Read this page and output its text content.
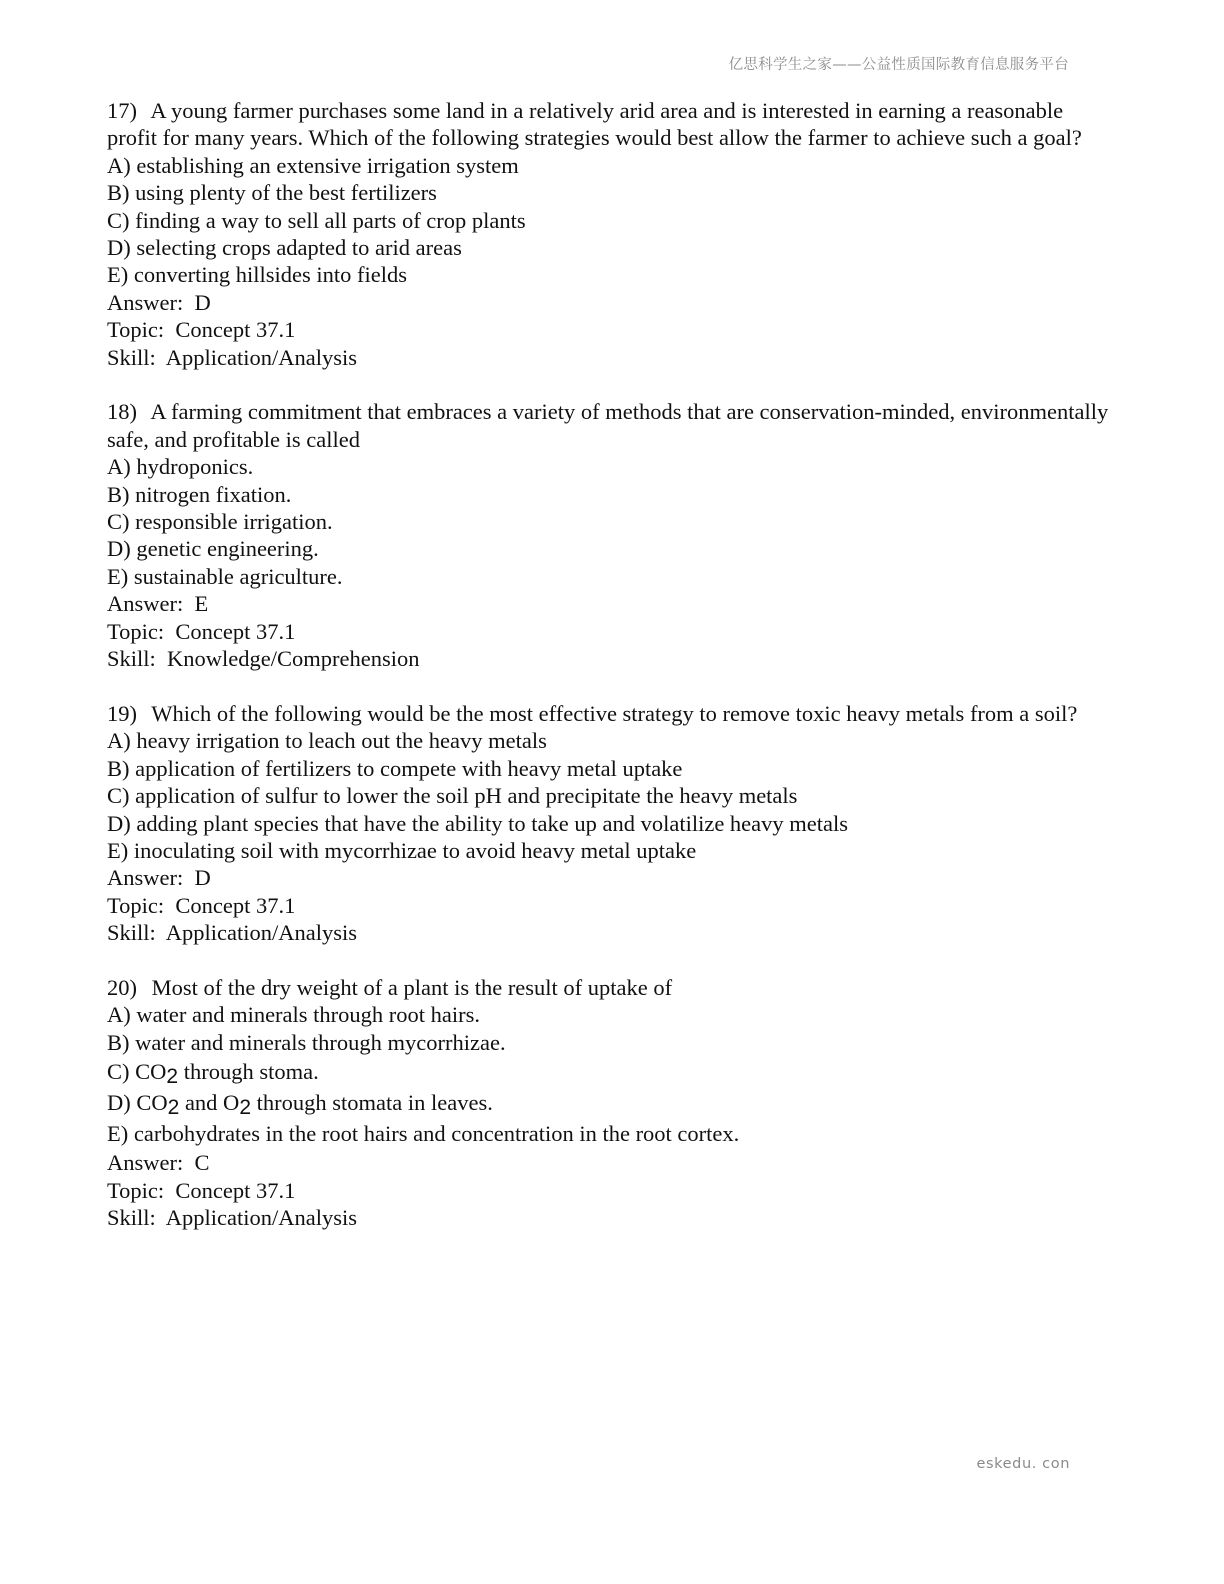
亿思科学生之家——公益性质国际教育信息服务平台
17) A young farmer purchases some land in a relatively arid area and is interested in earning a reasonable profit for many years. Which of the following strategies would best allow the farmer to achieve such a goal?
A) establishing an extensive irrigation system
B) using plenty of the best fertilizers
C) finding a way to sell all parts of crop plants
D) selecting crops adapted to arid areas
E) converting hillsides into fields
Answer:  D
Topic:  Concept 37.1
Skill:  Application/Analysis
18) A farming commitment that embraces a variety of methods that are conservation-minded, environmentally safe, and profitable is called
A) hydroponics.
B) nitrogen fixation.
C) responsible irrigation.
D) genetic engineering.
E) sustainable agriculture.
Answer:  E
Topic:  Concept 37.1
Skill:  Knowledge/Comprehension
19) Which of the following would be the most effective strategy to remove toxic heavy metals from a soil?
A) heavy irrigation to leach out the heavy metals
B) application of fertilizers to compete with heavy metal uptake
C) application of sulfur to lower the soil pH and precipitate the heavy metals
D) adding plant species that have the ability to take up and volatilize heavy metals
E) inoculating soil with mycorrhizae to avoid heavy metal uptake
Answer:  D
Topic:  Concept 37.1
Skill:  Application/Analysis
20) Most of the dry weight of a plant is the result of uptake of
A) water and minerals through root hairs.
B) water and minerals through mycorrhizae.
C) CO2 through stoma.
D) CO2 and O2 through stomata in leaves.
E) carbohydrates in the root hairs and concentration in the root cortex.
Answer:  C
Topic:  Concept 37.1
Skill:  Application/Analysis
eskedu. con
